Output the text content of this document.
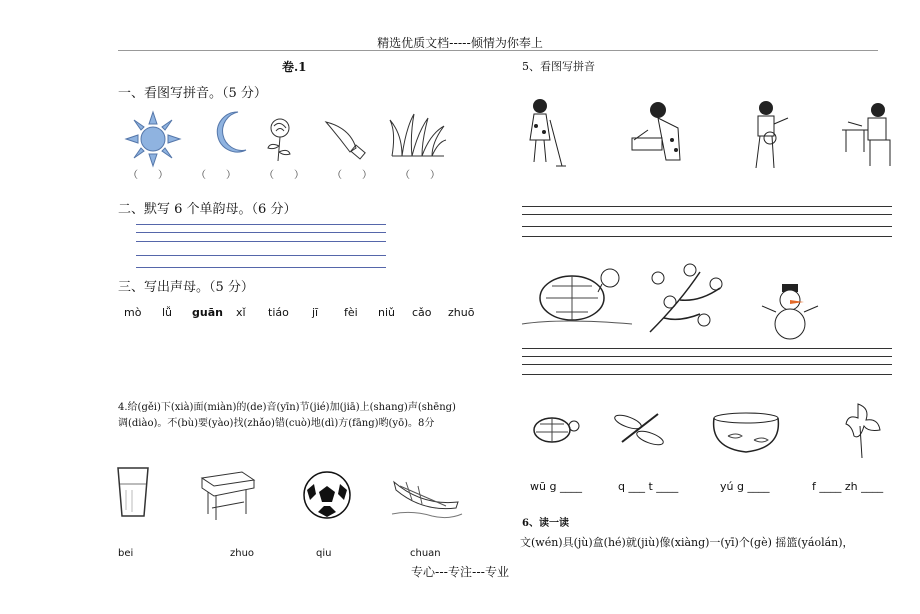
精选优质文档-----倾情为你奉上
卷.1
一、看图写拼音。（5 分）
（　　）	（　　）	（　　）	（　　）	（　　）
二、默写 6 个单韵母。（6 分）
三、写出声母。（5 分）
mò lǚ guān xǐ tiáo jī fèi niǔ cǎo zhuō
4.给(gěi)下(xià)面(miàn)的(de)音(yīn)节(jié)加(jiā)上(shang)声(shēng)
调(diào)。不(bù)要(yào)找(zhǎo)错(cuò)地(dì)方(fāng)哟(yō)。8分
bei	zhuo	qiu	chuan
5、看图写拼音
wū g ____	q ___ t ____	yú g ____	f ____ zh ____
6、读一读
文(wén)具(jù)盒(hé)就(jiù)像(xiàng)一(yī)个(gè) 摇篮(yáolán)，
专心---专注---专业
